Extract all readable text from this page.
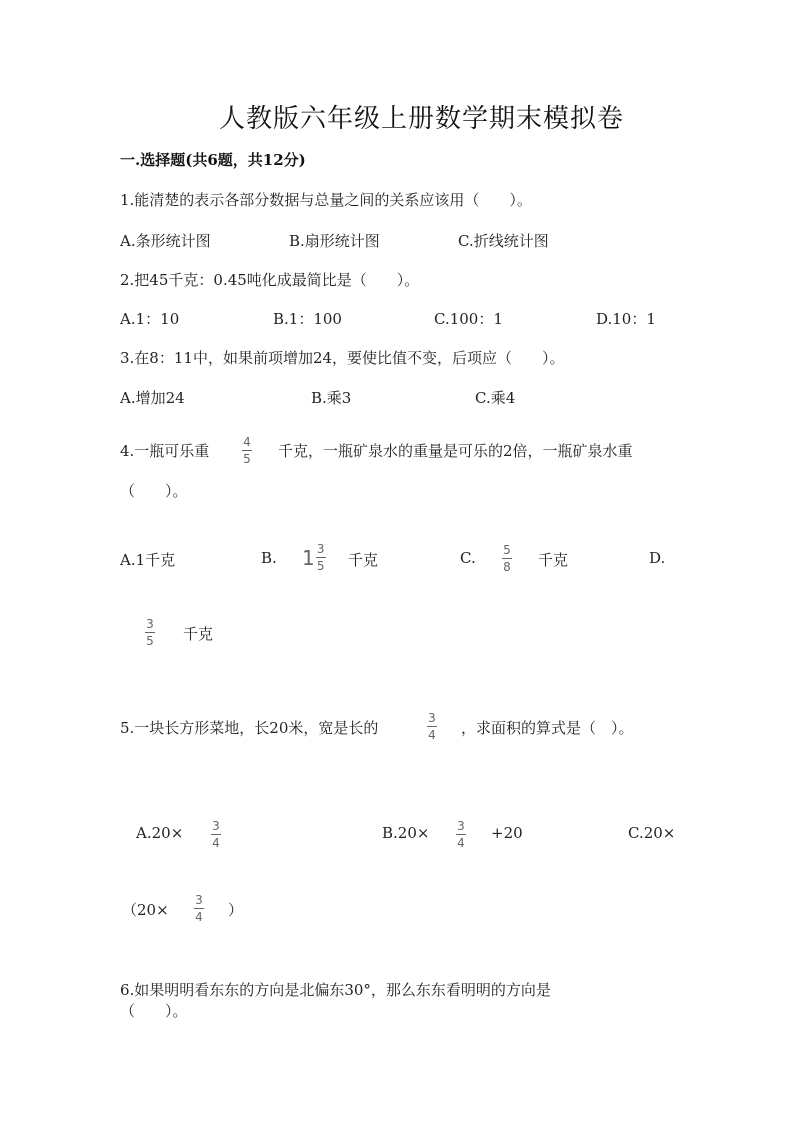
人教版六年级上册数学期末模拟卷
一.选择题(共6题，共12分)
1.能清楚的表示各部分数据与总量之间的关系应该用（　　）。
A.条形统计图	B.扇形统计图	C.折线统计图
2.把45千克：0.45吨化成最简比是（　　）。
A.1：10	B.1：100	C.100：1	D.10：1
3.在8：11中，如果前项增加24，要使比值不变，后项应（　　）。
A.增加24	B.乘3	C.乘4
4.一瓶可乐重	4
5 千克，一瓶矿泉水的重量是可乐的2倍，一瓶矿泉水重
（　　）。
A.1千克	B. $1 \frac{3}{5}$ 千克	C. 5
8 千克	D.
3
5 千克
5.一块长方形菜地，长20米，宽是长的
3
4 ，求面积的算式是（　）。
A.20× 3
4
B.20× 3
4
+20	C.20×
（20×
3
4 ）
6.如果明明看东东的方向是北偏东30°，那么东东看明明的方向是
（　　）。
